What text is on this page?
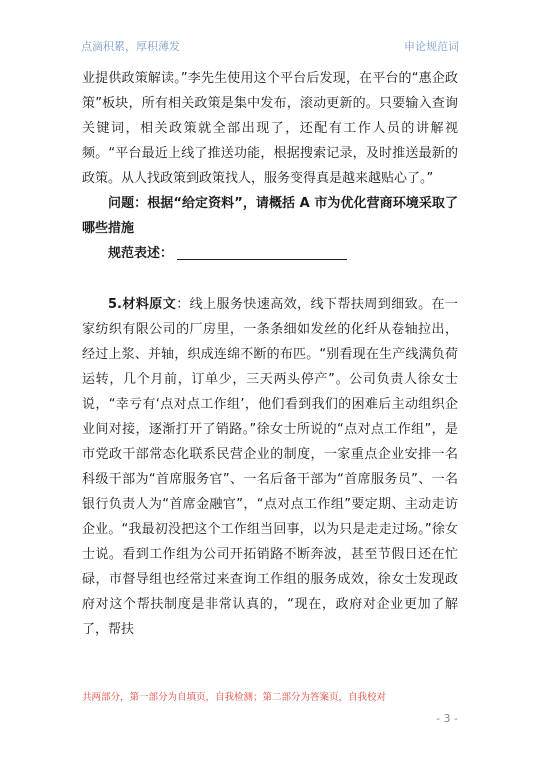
点滴积累，厚积薄发	申论规范词

业提供政策解读。”李先生使用这个平台后发现，在平台的“惠企政策”板块，所有相关政策是集中发布，滚动更新的。只要输入查询关键词，相关政策就全部出现了，还配有工作人员的讲解视频。“平台最近上线了推送功能，根据搜索记录，及时推送最新的政策。从人找政策到政策找人，服务变得真是越来越贴心了。”

问题：根据“给定资料”，请概括 A 市为优化营商环境采取了哪些措施

规范表述：

5.材料原文：线上服务快速高效，线下帮扶周到细致。在一家纺织有限公司的厂房里，一条条细如发丝的化纤从卷轴拉出，经过上浆、并轴，织成连绵不断的布匹。“别看现在生产线满负荷运转，几个月前，订单少，三天两头停产”。公司负责人徐女士说，“幸亏有‘点对点工作组’，他们看到我们的困难后主动组织企业间对接，逐渐打开了销路。”徐女士所说的“点对点工作组”，是市党政干部常态化联系民营企业的制度，一家重点企业安排一名科级干部为“首席服务官”、一名后备干部为“首席服务员”、一名银行负责人为“首席金融官”，“点对点工作组”要定期、主动走访企业。“我最初没把这个工作组当回事，以为只是走走过场。”徐女士说。看到工作组为公司开拓销路不断奔波，甚至节假日还在忙碌，市督导组也经常过来查询工作组的服务成效，徐女士发现政府对这个帮扶制度是非常认真的，“现在，政府对企业更加了解了，帮扶

共两部分，第一部分为自填页，自我检测；第二部分为答案页，自我校对
- 3 -
